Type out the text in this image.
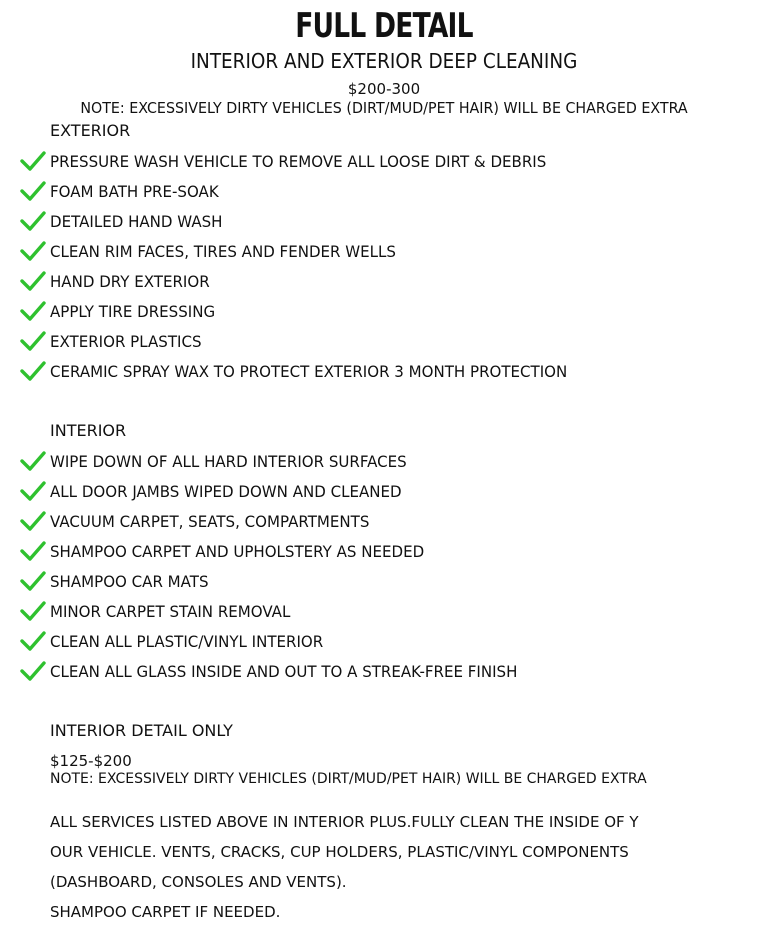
FULL DETAIL
INTERIOR AND EXTERIOR DEEP CLEANING
$200-300
NOTE: EXCESSIVELY DIRTY VEHICLES (DIRT/MUD/PET HAIR) WILL BE CHARGED EXTRA
EXTERIOR
PRESSURE WASH VEHICLE TO REMOVE ALL LOOSE DIRT & DEBRIS
FOAM BATH PRE-SOAK
DETAILED HAND WASH
CLEAN RIM FACES, TIRES AND FENDER WELLS
HAND DRY EXTERIOR
APPLY TIRE DRESSING
EXTERIOR PLASTICS
CERAMIC SPRAY WAX TO PROTECT EXTERIOR 3 MONTH PROTECTION
INTERIOR
WIPE DOWN OF ALL HARD INTERIOR SURFACES
ALL DOOR JAMBS WIPED DOWN AND CLEANED
VACUUM CARPET, SEATS, COMPARTMENTS
SHAMPOO CARPET AND UPHOLSTERY AS NEEDED
SHAMPOO CAR MATS
MINOR CARPET STAIN REMOVAL
CLEAN ALL PLASTIC/VINYL INTERIOR
CLEAN ALL GLASS INSIDE AND OUT TO A STREAK-FREE FINISH
INTERIOR DETAIL ONLY
$125-$200
NOTE: EXCESSIVELY DIRTY VEHICLES (DIRT/MUD/PET HAIR) WILL BE CHARGED EXTRA
ALL SERVICES LISTED ABOVE IN INTERIOR PLUS.FULLY CLEAN THE INSIDE OF Y
OUR VEHICLE. VENTS, CRACKS, CUP HOLDERS, PLASTIC/VINYL COMPONENTS
(DASHBOARD, CONSOLES AND VENTS).
SHAMPOO CARPET IF NEEDED.
